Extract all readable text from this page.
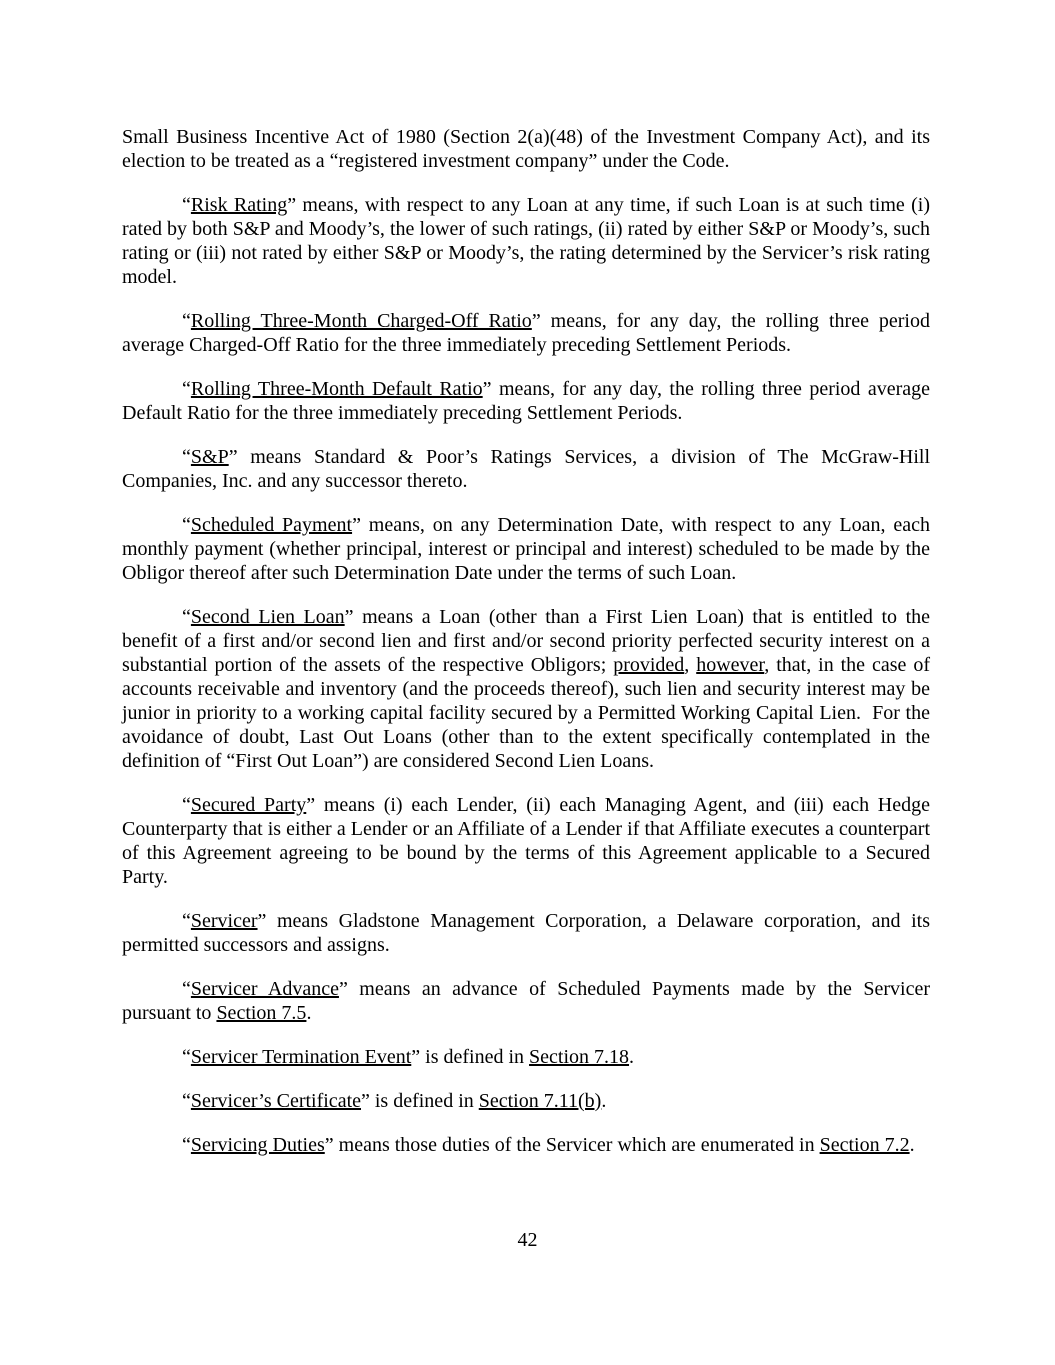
Small Business Incentive Act of 1980 (Section 2(a)(48) of the Investment Company Act), and its election to be treated as a “registered investment company” under the Code.

“Risk Rating” means, with respect to any Loan at any time, if such Loan is at such time (i) rated by both S&P and Moody’s, the lower of such ratings, (ii) rated by either S&P or Moody’s, such rating or (iii) not rated by either S&P or Moody’s, the rating determined by the Servicer’s risk rating model.

“Rolling Three-Month Charged-Off Ratio” means, for any day, the rolling three period average Charged-Off Ratio for the three immediately preceding Settlement Periods.

“Rolling Three-Month Default Ratio” means, for any day, the rolling three period average Default Ratio for the three immediately preceding Settlement Periods.

“S&P” means Standard & Poor’s Ratings Services, a division of The McGraw-Hill Companies, Inc. and any successor thereto.

“Scheduled Payment” means, on any Determination Date, with respect to any Loan, each monthly payment (whether principal, interest or principal and interest) scheduled to be made by the Obligor thereof after such Determination Date under the terms of such Loan.

“Second Lien Loan” means a Loan (other than a First Lien Loan) that is entitled to the benefit of a first and/or second lien and first and/or second priority perfected security interest on a substantial portion of the assets of the respective Obligors; provided, however, that, in the case of accounts receivable and inventory (and the proceeds thereof), such lien and security interest may be junior in priority to a working capital facility secured by a Permitted Working Capital Lien.  For the avoidance of doubt, Last Out Loans (other than to the extent specifically contemplated in the definition of “First Out Loan”) are considered Second Lien Loans.

“Secured Party” means (i) each Lender, (ii) each Managing Agent, and (iii) each Hedge Counterparty that is either a Lender or an Affiliate of a Lender if that Affiliate executes a counterpart of this Agreement agreeing to be bound by the terms of this Agreement applicable to a Secured Party.

“Servicer” means Gladstone Management Corporation, a Delaware corporation, and its permitted successors and assigns.

“Servicer Advance” means an advance of Scheduled Payments made by the Servicer pursuant to Section 7.5.

“Servicer Termination Event” is defined in Section 7.18.

“Servicer’s Certificate” is defined in Section 7.11(b).

“Servicing Duties” means those duties of the Servicer which are enumerated in Section 7.2.

42
